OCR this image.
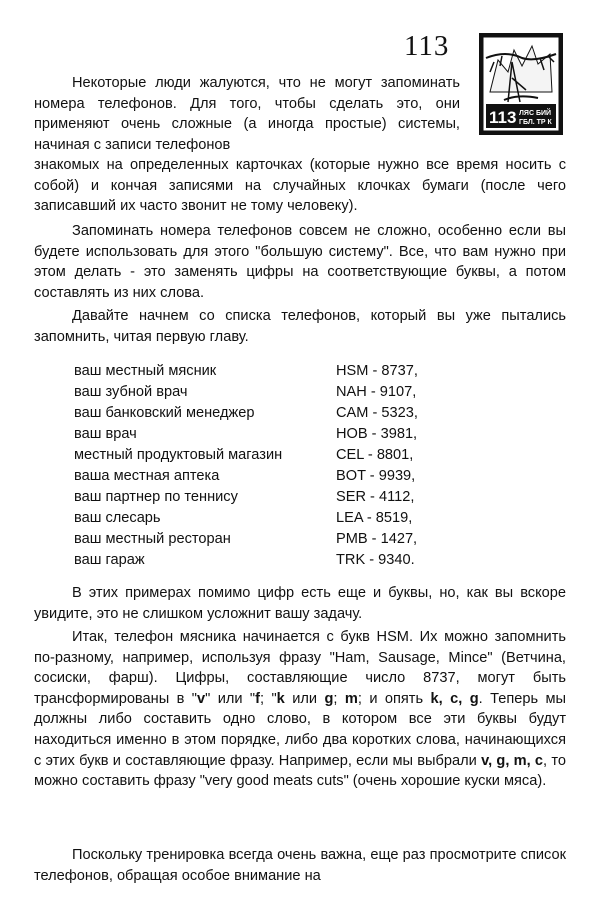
113
113 ЛЯС БИЙ
ГБЛ. ТР К

Некоторые люди жалуются, что не могут запоминать номера телефонов. Для того, чтобы сделать это, они применяют очень сложные (а иногда простые) системы, начиная с записи телефонов

знакомых на определенных карточках (которые нужно все время носить с собой) и кончая записями на случайных клочках бумаги (после чего записавший их часто звонит не тому человеку).

Запоминать номера телефонов совсем не сложно, особенно если вы будете использовать для этого "большую систему". Все, что вам нужно при этом делать - это заменять цифры на соответствующие буквы, а потом составлять из них слова.

Давайте начнем со списка телефонов, который вы уже пытались запомнить, читая первую главу.

ваш местный мясник	HSM - 8737,
ваш зубной врач	NAH - 9107,
ваш банковский менеджер	CAM - 5323,
ваш врач	HOB - 3981,
местный продуктовый магазин	CEL - 8801,
ваша местная аптека	BOT - 9939,
ваш партнер по теннису	SER - 4112,
ваш слесарь	LEA - 8519,
ваш местный ресторан	PMB - 1427,
ваш гараж	TRK - 9340.

В этих примерах помимо цифр есть еще и буквы, но, как вы вскоре увидите, это не слишком усложнит вашу задачу.

Итак, телефон мясника начинается с букв HSM. Их можно запомнить по-разному, например, используя фразу "Ham, Sausage, Mince" (Ветчина, сосиски, фарш). Цифры, составляющие число 8737, могут быть трансформированы в "v" или "f; "k или g; m; и опять k, c, g. Теперь мы должны либо составить одно слово, в котором все эти буквы будут находиться именно в этом порядке, либо два коротких слова, начинающихся с этих букв и составляющие фразу. Например, если мы выбрали v, g, m, c, то можно составить фразу "very good meats cuts" (очень хорошие куски мяса).

Поскольку тренировка всегда очень важна, еще раз просмотрите список телефонов, обращая особое внимание на
